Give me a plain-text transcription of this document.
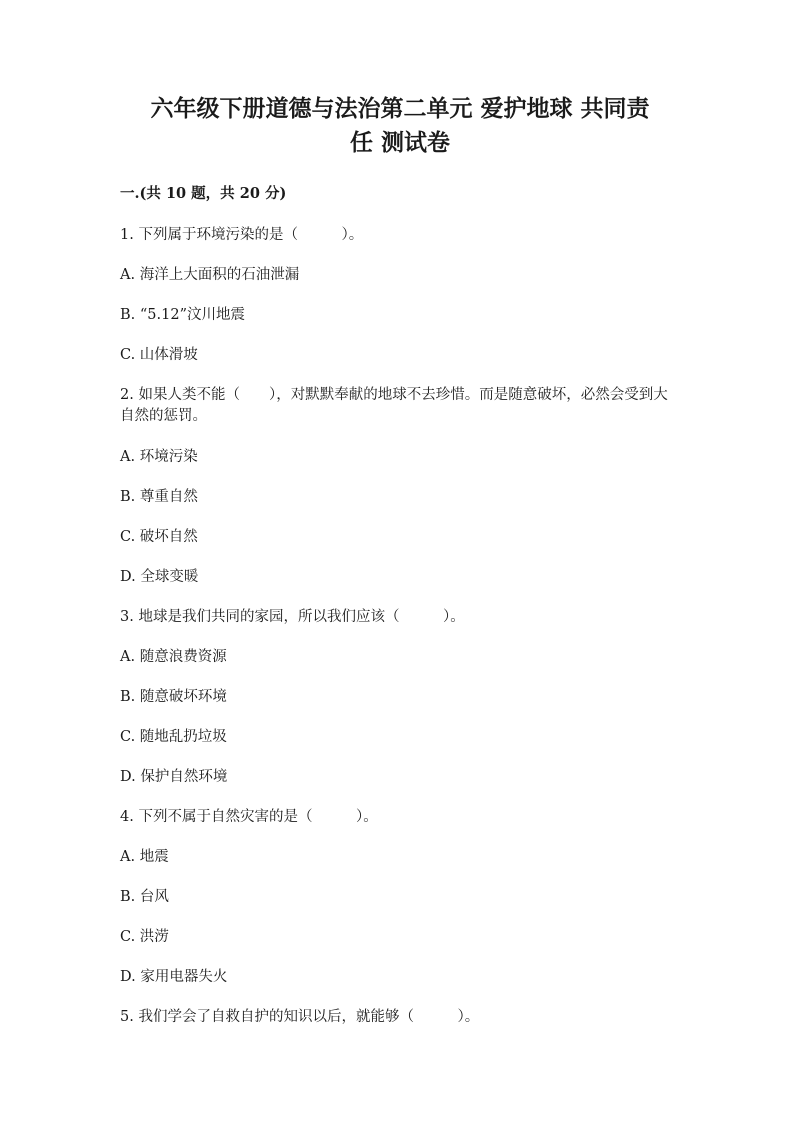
六年级下册道德与法治第二单元 爱护地球 共同责
任 测试卷
一.(共 10 题，共 20 分)
1. 下列属于环境污染的是（　　　）。
A. 海洋上大面积的石油泄漏
B. “5.12”汶川地震
C. 山体滑坡
2. 如果人类不能（　　），对默默奉献的地球不去珍惜。而是随意破坏，必然会受到大自然的惩罚。
A. 环境污染
B. 尊重自然
C. 破坏自然
D. 全球变暖
3. 地球是我们共同的家园，所以我们应该（　　　）。
A. 随意浪费资源
B. 随意破坏环境
C. 随地乱扔垃圾
D. 保护自然环境
4. 下列不属于自然灾害的是（　　　）。
A. 地震
B. 台风
C. 洪涝
D. 家用电器失火
5. 我们学会了自救自护的知识以后，就能够（　　　）。
